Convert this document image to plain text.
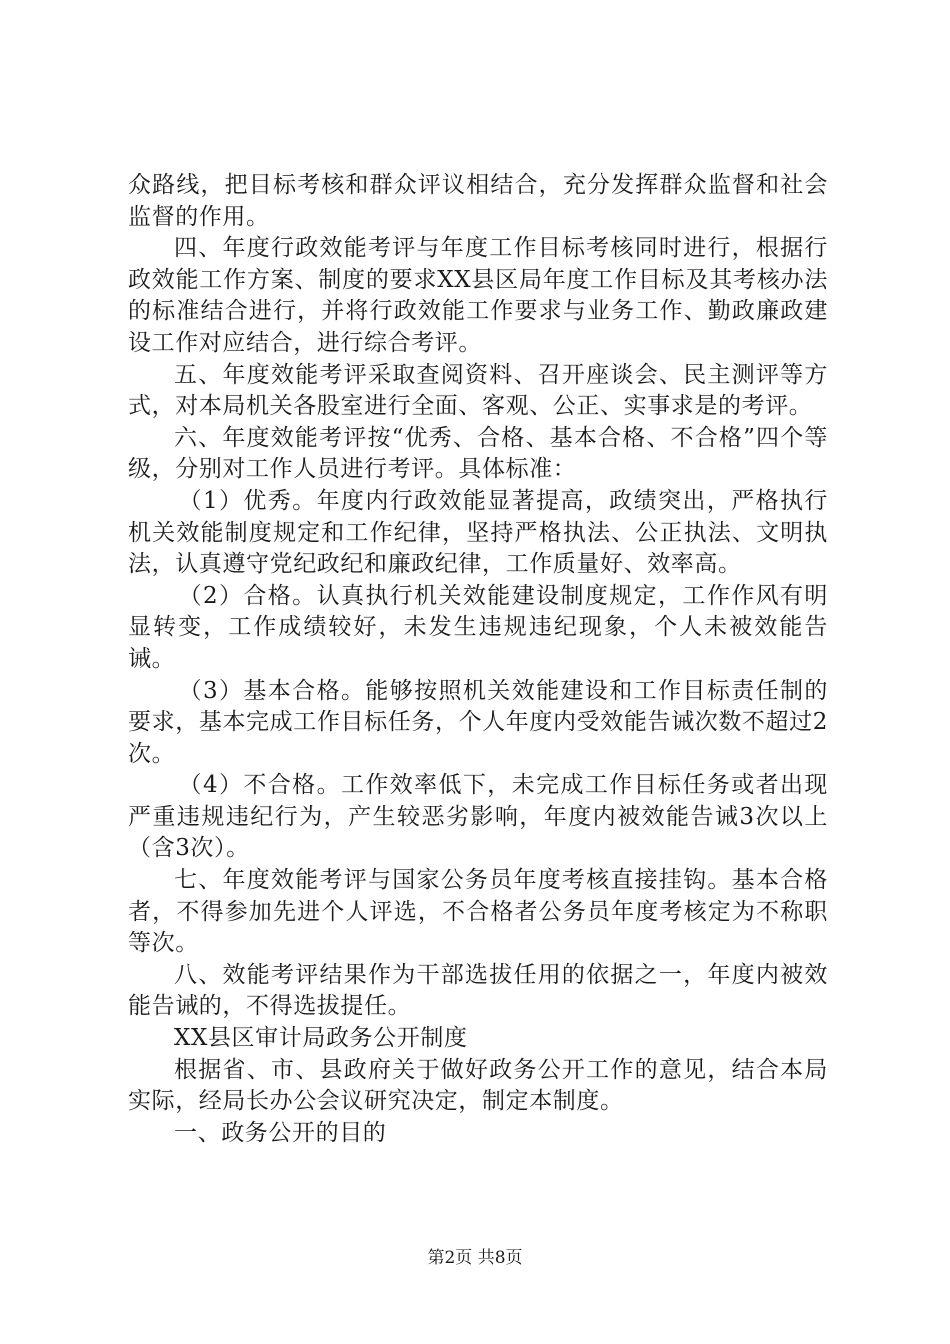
众路线，把目标考核和群众评议相结合，充分发挥群众监督和社会监督的作用。

四、年度行政效能考评与年度工作目标考核同时进行，根据行政效能工作方案、制度的要求XX县区局年度工作目标及其考核办法的标准结合进行，并将行政效能工作要求与业务工作、勤政廉政建设工作对应结合，进行综合考评。

五、年度效能考评采取查阅资料、召开座谈会、民主测评等方式，对本局机关各股室进行全面、客观、公正、实事求是的考评。

六、年度效能考评按“优秀、合格、基本合格、不合格”四个等级，分别对工作人员进行考评。具体标准：

（1）优秀。年度内行政效能显著提高，政绩突出，严格执行机关效能制度规定和工作纪律，坚持严格执法、公正执法、文明执法，认真遵守党纪政纪和廉政纪律，工作质量好、效率高。

（2）合格。认真执行机关效能建设制度规定，工作作风有明显转变，工作成绩较好，未发生违规违纪现象，个人未被效能告诫。

（3）基本合格。能够按照机关效能建设和工作目标责任制的要求，基本完成工作目标任务，个人年度内受效能告诫次数不超过2次。

（4）不合格。工作效率低下，未完成工作目标任务或者出现严重违规违纪行为，产生较恶劣影响，年度内被效能告诫3次以上（含3次）。

七、年度效能考评与国家公务员年度考核直接挂钩。基本合格者，不得参加先进个人评选，不合格者公务员年度考核定为不称职等次。

八、效能考评结果作为干部选拔任用的依据之一，年度内被效能告诫的，不得选拔提任。

XX县区审计局政务公开制度

根据省、市、县政府关于做好政务公开工作的意见，结合本局实际，经局长办公会议研究决定，制定本制度。

一、政务公开的目的

第2页 共8页
